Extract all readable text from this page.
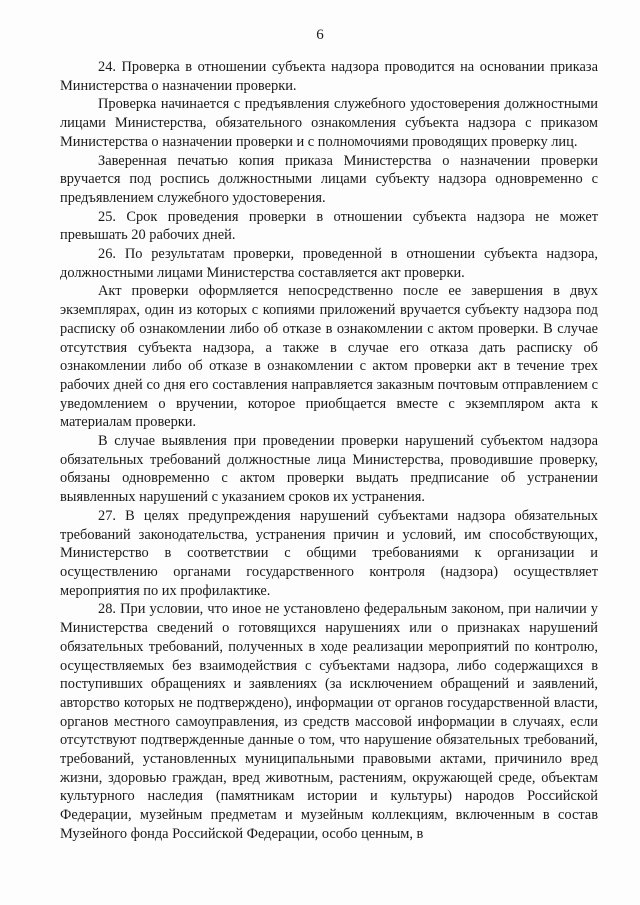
6

24. Проверка в отношении субъекта надзора проводится на основании приказа Министерства о назначении проверки.

Проверка начинается с предъявления служебного удостоверения должностными лицами Министерства, обязательного ознакомления субъекта надзора с приказом Министерства о назначении проверки и с полномочиями проводящих проверку лиц.

Заверенная печатью копия приказа Министерства о назначении проверки вручается под роспись должностными лицами субъекту надзора одновременно с предъявлением служебного удостоверения.

25. Срок проведения проверки в отношении субъекта надзора не может превышать 20 рабочих дней.

26. По результатам проверки, проведенной в отношении субъекта надзора, должностными лицами Министерства составляется акт проверки.

Акт проверки оформляется непосредственно после ее завершения в двух экземплярах, один из которых с копиями приложений вручается субъекту надзора под расписку об ознакомлении либо об отказе в ознакомлении с актом проверки. В случае отсутствия субъекта надзора, а также в случае его отказа дать расписку об ознакомлении либо об отказе в ознакомлении с актом проверки акт в течение трех рабочих дней со дня его составления направляется заказным почтовым отправлением с уведомлением о вручении, которое приобщается вместе с экземпляром акта к материалам проверки.

В случае выявления при проведении проверки нарушений субъектом надзора обязательных требований должностные лица Министерства, проводившие проверку, обязаны одновременно с актом проверки выдать предписание об устранении выявленных нарушений с указанием сроков их устранения.

27. В целях предупреждения нарушений субъектами надзора обязательных требований законодательства, устранения причин и условий, им способствующих, Министерство в соответствии с общими требованиями к организации и осуществлению органами государственного контроля (надзора) осуществляет мероприятия по их профилактике.

28. При условии, что иное не установлено федеральным законом, при наличии у Министерства сведений о готовящихся нарушениях или о признаках нарушений обязательных требований, полученных в ходе реализации мероприятий по контролю, осуществляемых без взаимодействия с субъектами надзора, либо содержащихся в поступивших обращениях и заявлениях (за исключением обращений и заявлений, авторство которых не подтверждено), информации от органов государственной власти, органов местного самоуправления, из средств массовой информации в случаях, если отсутствуют подтвержденные данные о том, что нарушение обязательных требований, требований, установленных муниципальными правовыми актами, причинило вред жизни, здоровью граждан, вред животным, растениям, окружающей среде, объектам культурного наследия (памятникам истории и культуры) народов Российской Федерации, музейным предметам и музейным коллекциям, включенным в состав Музейного фонда Российской Федерации, особо ценным, в
